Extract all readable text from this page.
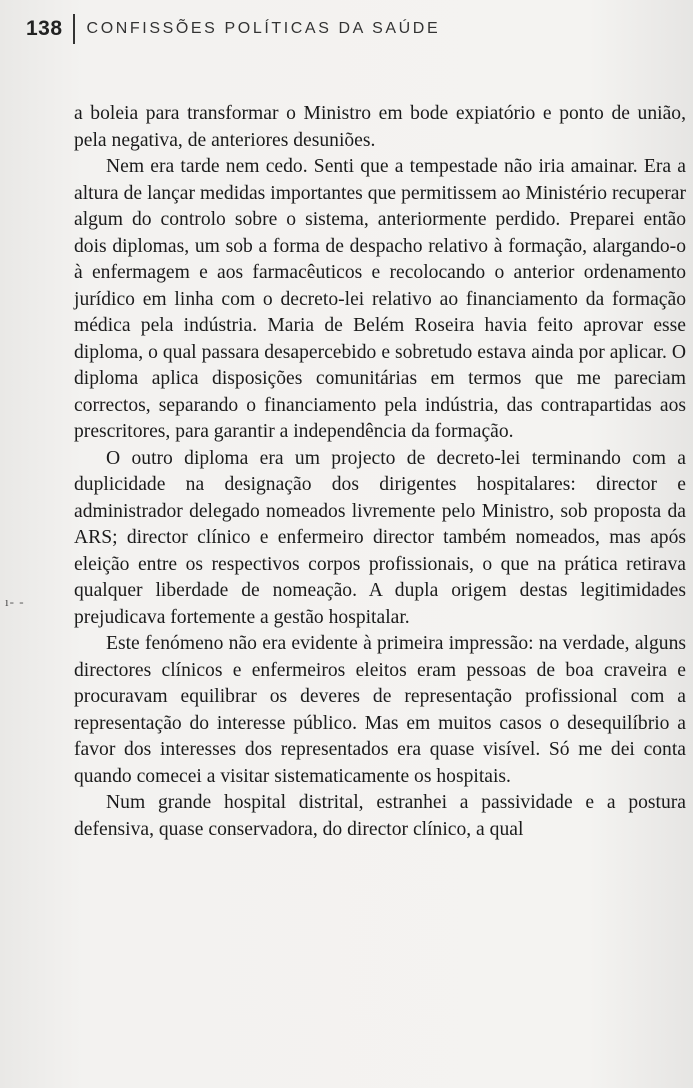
138 CONFISSÕES POLÍTICAS DA SAÚDE
ı- -

a boleia para transformar o Ministro em bode expiatório e ponto de união, pela negativa, de anteriores desuniões.

Nem era tarde nem cedo. Senti que a tempestade não iria amainar. Era a altura de lançar medidas importantes que permitissem ao Ministério recuperar algum do controlo sobre o sistema, anteriormente perdido. Preparei então dois diplomas, um sob a forma de despacho relativo à formação, alargando-o à enfermagem e aos farmacêuticos e recolocando o anterior ordenamento jurídico em linha com o decreto-lei relativo ao financiamento da formação médica pela indústria. Maria de Belém Roseira havia feito aprovar esse diploma, o qual passara desapercebido e sobretudo estava ainda por aplicar. O diploma aplica disposições comunitárias em termos que me pareciam correctos, separando o financiamento pela indústria, das contrapartidas aos prescritores, para garantir a independência da formação.

O outro diploma era um projecto de decreto-lei terminando com a duplicidade na designação dos dirigentes hospitalares: director e administrador delegado nomeados livremente pelo Ministro, sob proposta da ARS; director clínico e enfermeiro director também nomeados, mas após eleição entre os respectivos corpos profissionais, o que na prática retirava qualquer liberdade de nomeação. A dupla origem destas legitimidades prejudicava fortemente a gestão hospitalar.

Este fenómeno não era evidente à primeira impressão: na verdade, alguns directores clínicos e enfermeiros eleitos eram pessoas de boa craveira e procuravam equilibrar os deveres de representação profissional com a representação do interesse público. Mas em muitos casos o desequilíbrio a favor dos interesses dos representados era quase visível. Só me dei conta quando comecei a visitar sistematicamente os hospitais.

Num grande hospital distrital, estranhei a passividade e a postura defensiva, quase conservadora, do director clínico, a qual
